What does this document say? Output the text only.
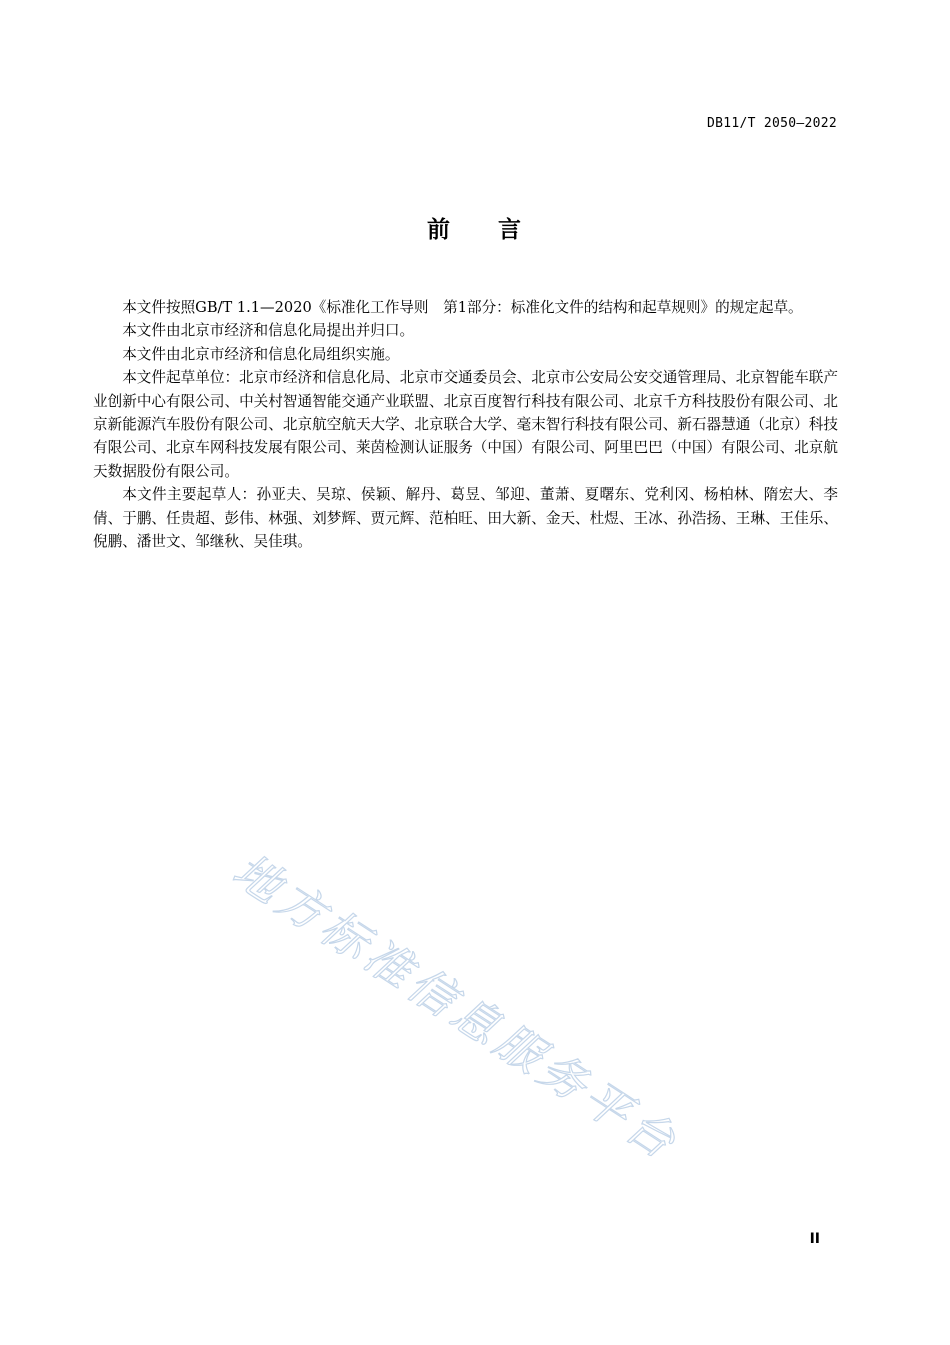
DB11/T 2050—2022
前 言

本文件按照GB/T 1.1—2020《标准化工作导则　第1部分：标准化文件的结构和起草规则》的规定起草。

本文件由北京市经济和信息化局提出并归口。

本文件由北京市经济和信息化局组织实施。

本文件起草单位：北京市经济和信息化局、北京市交通委员会、北京市公安局公安交通管理局、北京智能车联产业创新中心有限公司、中关村智通智能交通产业联盟、北京百度智行科技有限公司、北京千方科技股份有限公司、北京新能源汽车股份有限公司、北京航空航天大学、北京联合大学、毫末智行科技有限公司、新石器慧通（北京）科技有限公司、北京车网科技发展有限公司、莱茵检测认证服务（中国）有限公司、阿里巴巴（中国）有限公司、北京航天数据股份有限公司。

本文件主要起草人：孙亚夫、吴琼、侯颖、解丹、葛昱、邹迎、董萧、夏曙东、党利冈、杨柏林、隋宏大、李倩、于鹏、任贵超、彭伟、林强、刘梦辉、贾元辉、范柏旺、田大新、金天、杜煜、王冰、孙浩扬、王琳、王佳乐、倪鹏、潘世文、邹继秋、吴佳琪。

地方标准信息服务平台
II
